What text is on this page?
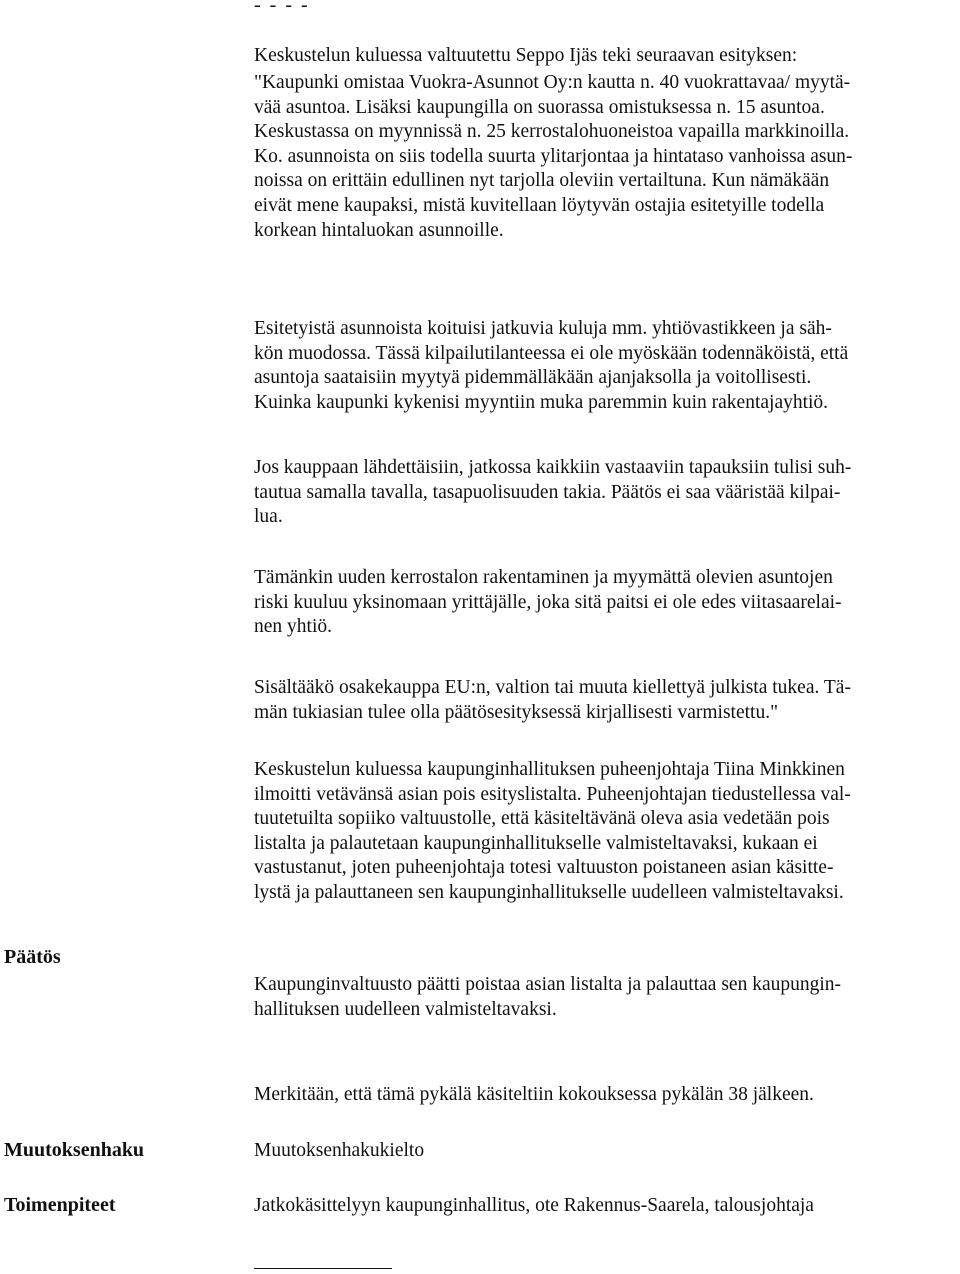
- - - -

Keskustelun kuluessa valtuutettu Seppo Ijäs teki seuraavan esityksen:

"Kaupunki omistaa Vuokra-Asunnot Oy:n kautta n. 40 vuokrattavaa/ myytä-

vää asuntoa. Lisäksi kaupungilla on suorassa omistuksessa n. 15 asuntoa.

Keskustassa on myynnissä n. 25 kerrostalohuoneistoa vapailla markkinoilla.

Ko. asunnoista on siis todella suurta ylitarjontaa ja hintataso vanhoissa asun-

noissa on erittäin edullinen nyt tarjolla oleviin vertailtuna. Kun nämäkään

eivät mene kaupaksi, mistä kuvitellaan löytyvän ostajia esitetyille todella

korkean hintaluokan asunnoille.

Esitetyistä asunnoista koituisi jatkuvia kuluja mm. yhtiövastikkeen ja säh-

kön muodossa. Tässä kilpailutilanteessa ei ole myöskään todennäköistä, että

asuntoja saataisiin myytyä pidemmälläkään ajanjaksolla ja voitollisesti.

Kuinka kaupunki kykenisi myyntiin muka paremmin kuin rakentajayhtiö.

Jos kauppaan lähdettäisiin, jatkossa kaikkiin vastaaviin tapauksiin tulisi suh-

tautua samalla tavalla, tasapuolisuuden takia. Päätös ei saa vääristää kilpai-

lua.

Tämänkin uuden kerrostalon rakentaminen ja myymättä olevien asuntojen

riski kuuluu yksinomaan yrittäjälle, joka sitä paitsi ei ole edes viitasaarelai-

nen yhtiö.

Sisältääkö osakekauppa EU:n, valtion tai muuta kiellettyä julkista tukea. Tä-

män tukiasian tulee olla päätösesityksessä kirjallisesti varmistettu."

Keskustelun kuluessa kaupunginhallituksen puheenjohtaja Tiina Minkkinen

ilmoitti vetävänsä asian pois esityslistalta. Puheenjohtajan tiedustellessa val-

tuutetuilta sopiiko valtuustolle, että käsiteltävänä oleva asia vedetään pois

listalta ja palautetaan kaupunginhallitukselle valmisteltavaksi, kukaan ei

vastustanut, joten puheenjohtaja totesi valtuuston poistaneen asian käsitte-

lystä ja palauttaneen sen kaupunginhallitukselle uudelleen valmisteltavaksi.

Päätös

Kaupunginvaltuusto päätti poistaa asian listalta ja palauttaa sen kaupungin-

hallituksen uudelleen valmisteltavaksi.

Merkitään, että tämä pykälä käsiteltiin kokouksessa pykälän 38 jälkeen.

Muutoksenhaku	Muutoksenhakukielto

Toimenpiteet	Jatkokäsittelyyn kaupunginhallitus, ote Rakennus-Saarela, talousjohtaja
